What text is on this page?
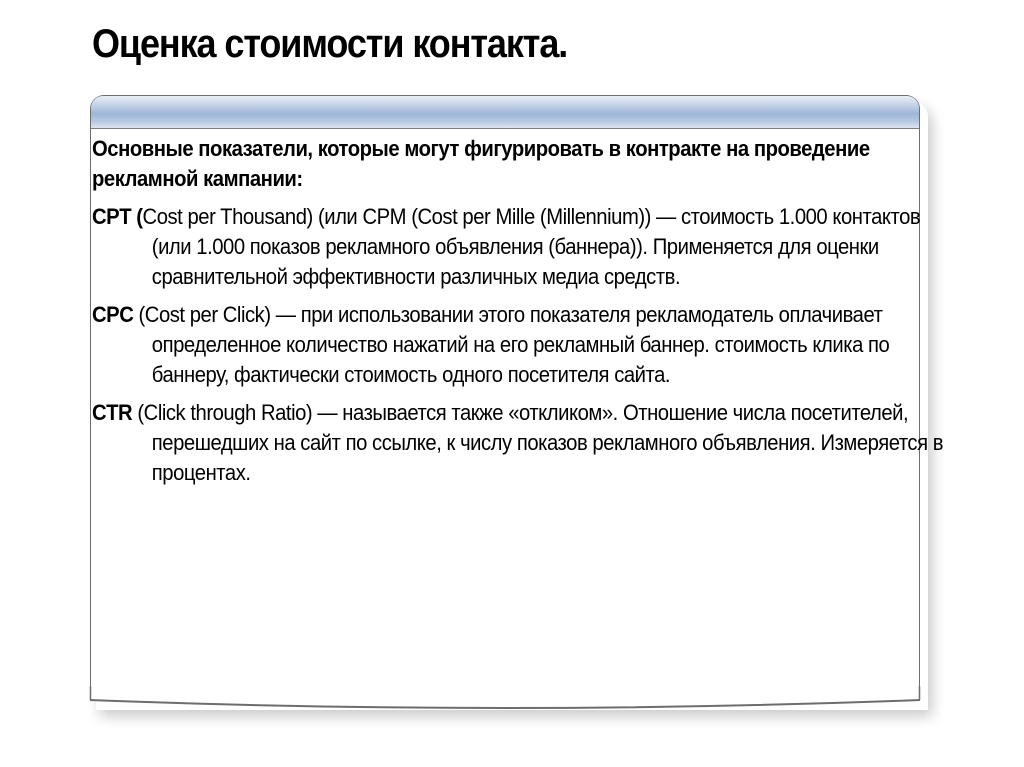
Оценка стоимости контакта.
Основные показатели, которые могут фигурировать в контракте на проведение рекламной кампании:
CPT (Cost per Thousand) (или CPM (Cost per Mille (Millennium)) — стоимость 1.000 контактов (или 1.000 показов рекламного объявления (баннера)). Применяется для оценки сравнительной эффективности различных медиа средств.
CPC (Cost per Click) — при использовании этого показателя рекламодатель оплачивает определенное количество нажатий на его рекламный баннер. стоимость клика по баннеру, фактически стоимость одного посетителя сайта.
CTR (Click through Ratio) — называется также «откликом». Отношение числа посетителей, перешедших на сайт по ссылке, к числу показов рекламного объявления. Измеряется в процентах.
